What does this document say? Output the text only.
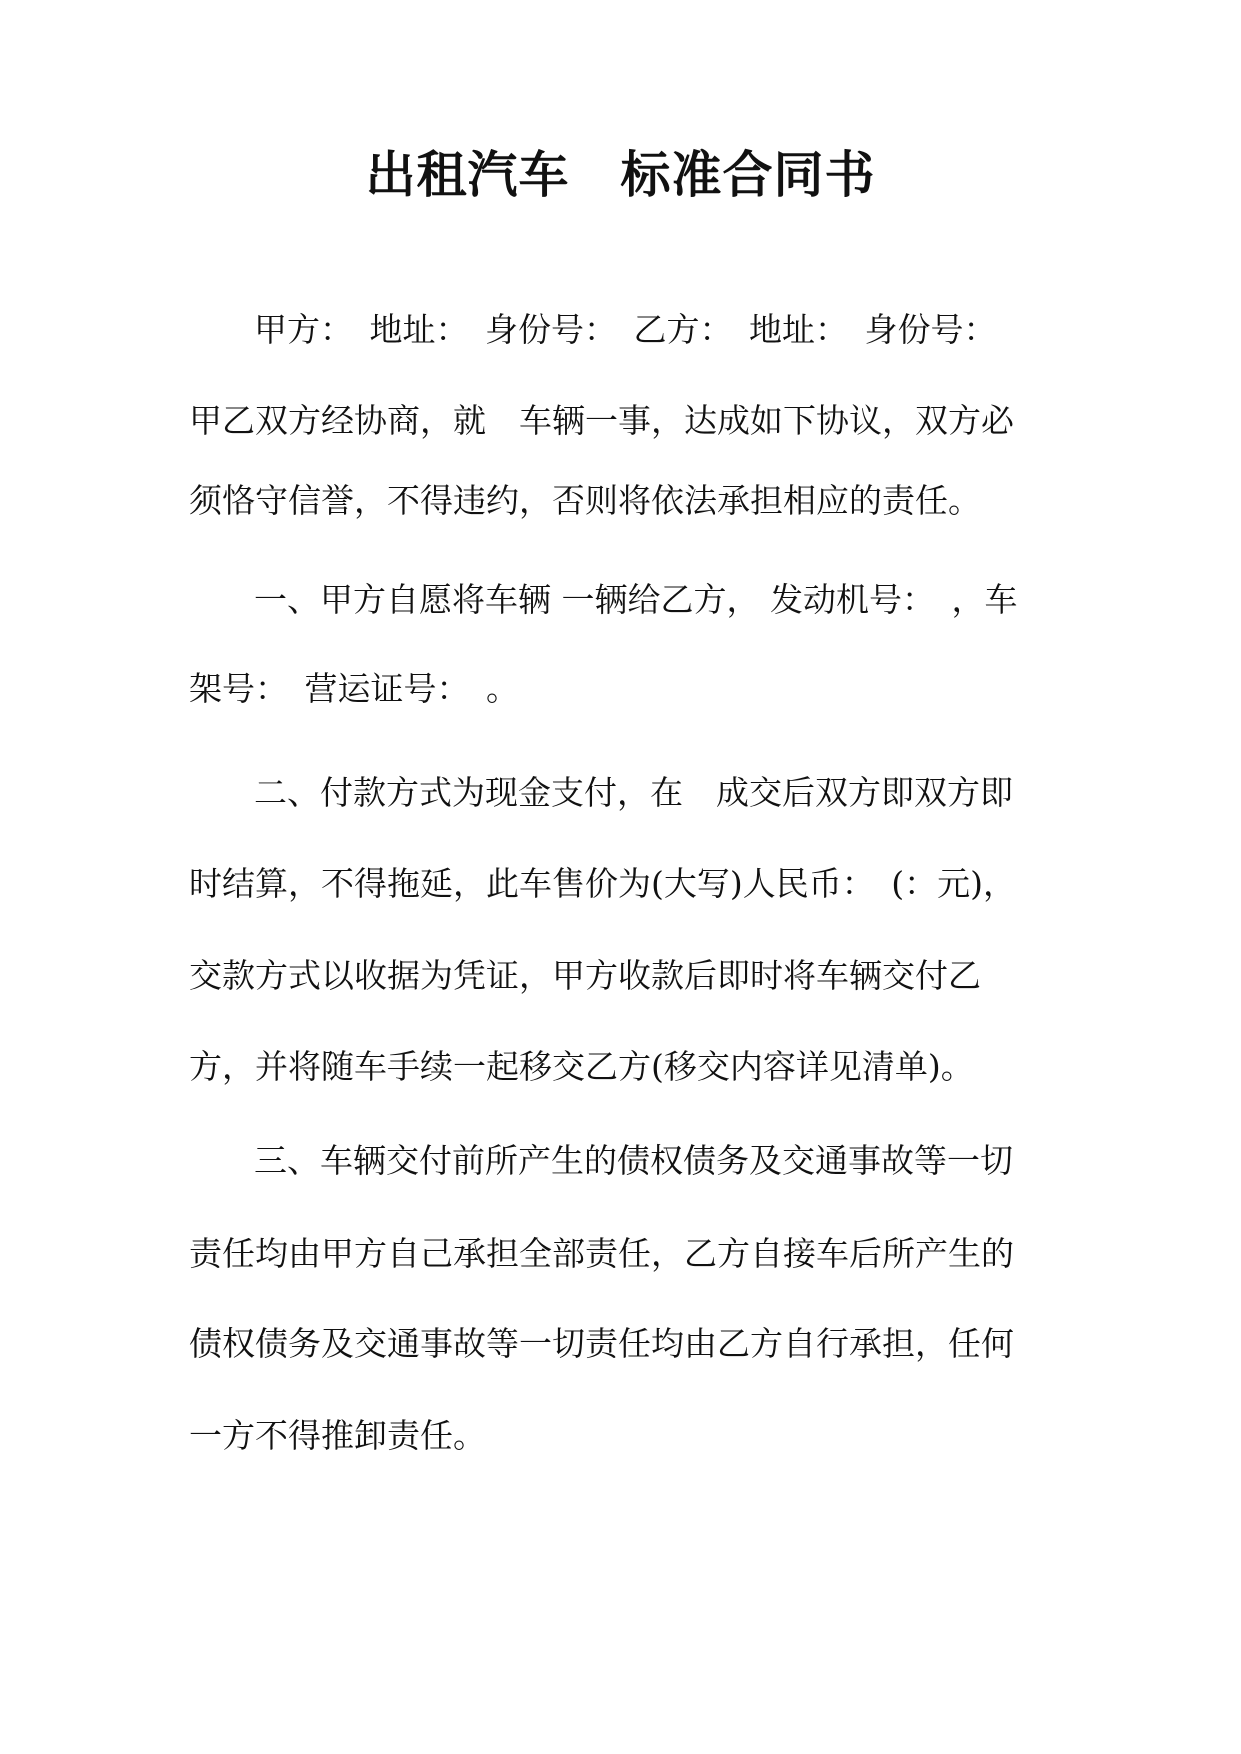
出租汽车　标准合同书

甲方：　地址：　身份号：　乙方：　地址：　身份号：

甲乙双方经协商，就　车辆一事，达成如下协议，双方必

须恪守信誉，不得违约，否则将依法承担相应的责任。

一、甲方自愿将车辆 一辆给乙方， 发动机号：　，车

架号：　营运证号：　。

二、付款方式为现金支付，在　成交后双方即双方即

时结算，不得拖延，此车售价为(大写)人民币：　(：元)，

交款方式以收据为凭证，甲方收款后即时将车辆交付乙

方，并将随车手续一起移交乙方(移交内容详见清单)。

三、车辆交付前所产生的债权债务及交通事故等一切

责任均由甲方自己承担全部责任，乙方自接车后所产生的

债权债务及交通事故等一切责任均由乙方自行承担，任何

一方不得推卸责任。
